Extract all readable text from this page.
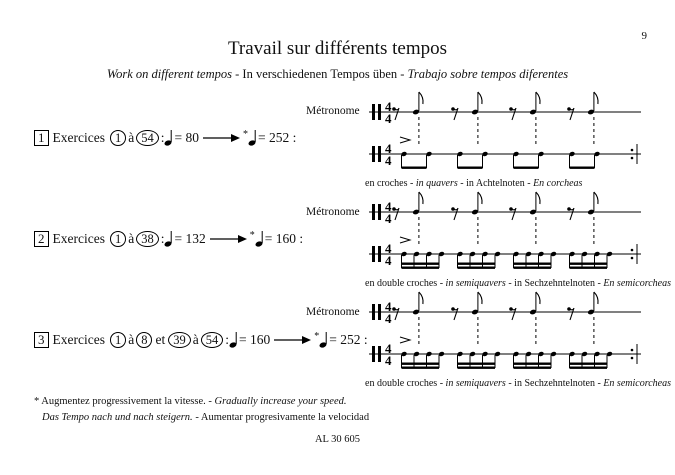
9
Travail sur différents tempos
Work on different tempos - In verschiedenen Tempos üben - Trabajo sobre tempos diferentes
1 Exercices 1 à 54 : = 80	* = 252 :
2 Exercices 1 à 38 : = 132	* = 160 :
3 Exercices 1 à 8 et 39 à 54 : = 160	* = 252 :
Métronome
Métronome
Métronome
4
4
4
4
4
4
4
4
4
4
4
4
en croches - in quavers - in Achtelnoten - En corcheas
en double croches - in semiquavers - in Sechzehntelnoten - En semicorcheas
en double croches - in semiquavers - in Sechzehntelnoten - En semicorcheas
* Augmentez progressivement la vitesse. - Gradually increase your speed.
Das Tempo nach und nach steigern. - Aumentar progresivamente la velocidad
AL 30 605
